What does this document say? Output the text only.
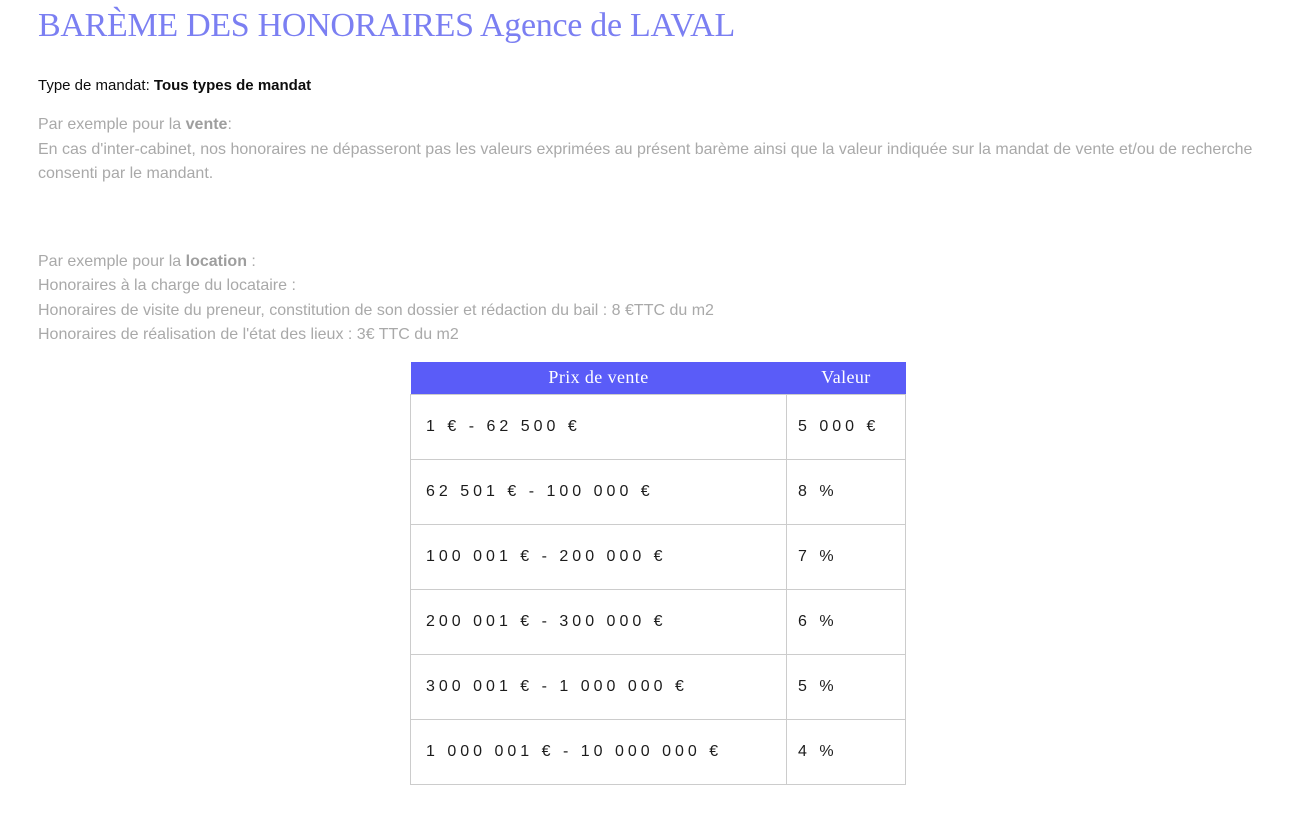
BARÈME DES HONORAIRES Agence de LAVAL
Type de mandat: Tous types de mandat
Par exemple pour la vente:
En cas d'inter-cabinet, nos honoraires ne dépasseront pas les valeurs exprimées au présent barème ainsi que la valeur indiquée sur la mandat de vente et/ou de recherche consenti par le mandant.
Par exemple pour la location :
Honoraires à la charge du locataire :
Honoraires de visite du preneur, constitution de son dossier et rédaction du bail : 8 €TTC du m2
Honoraires de réalisation de l'état des lieux : 3€ TTC du m2
Prix de vente	Valeur
1 € - 62 500 €	5 000 €
62 501 € - 100 000 €	8 %
100 001 € - 200 000 €	7 %
200 001 € - 300 000 €	6 %
300 001 € - 1 000 000 €	5 %
1 000 001 € - 10 000 000 €	4 %
